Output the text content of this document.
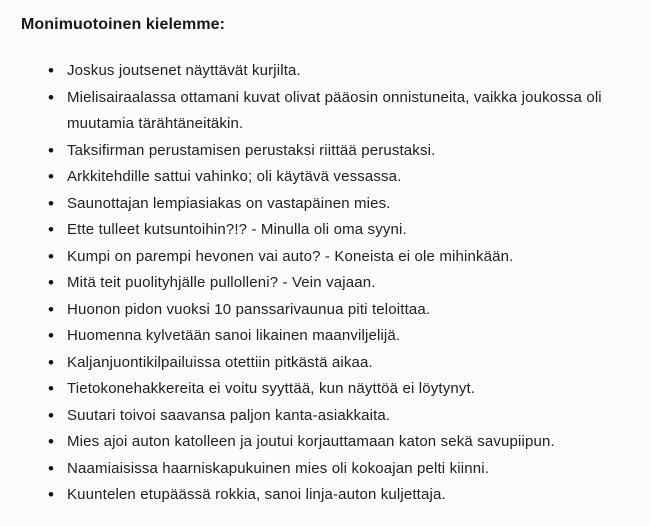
Monimuotoinen kielemme:
• Joskus joutsenet näyttävät kurjilta.
• Mielisairaalassa ottamani kuvat olivat pääosin onnistuneita, vaikka joukossa oli muutamia tärähtäneitäkin.
• Taksifirman perustamisen perustaksi riittää perustaksi.
• Arkkitehdille sattui vahinko; oli käytävä vessassa.
• Saunottajan lempiasiakas on vastapäinen mies.
• Ette tulleet kutsuntoihin?!? - Minulla oli oma syyni.
• Kumpi on parempi hevonen vai auto? - Koneista ei ole mihinkään.
• Mitä teit puolityhjälle pullolleni? - Vein vajaan.
• Huonon pidon vuoksi 10 panssarivaunua piti teloittaa.
• Huomenna kylvetään sanoi likainen maanviljelijä.
• Kaljanjuontikilpailuissa otettiin pitkästä aikaa.
• Tietokonehakkereita ei voitu syyttää, kun näyttöä ei löytynyt.
• Suutari toivoi saavansa paljon kanta-asiakkaita.
• Mies ajoi auton katolleen ja joutui korjauttamaan katon sekä savupiipun.
• Naamiaisissa haarniskapukuinen mies oli kokoajan pelti kiinni.
• Kuuntelen etupäässä rokkia, sanoi linja-auton kuljettaja.
